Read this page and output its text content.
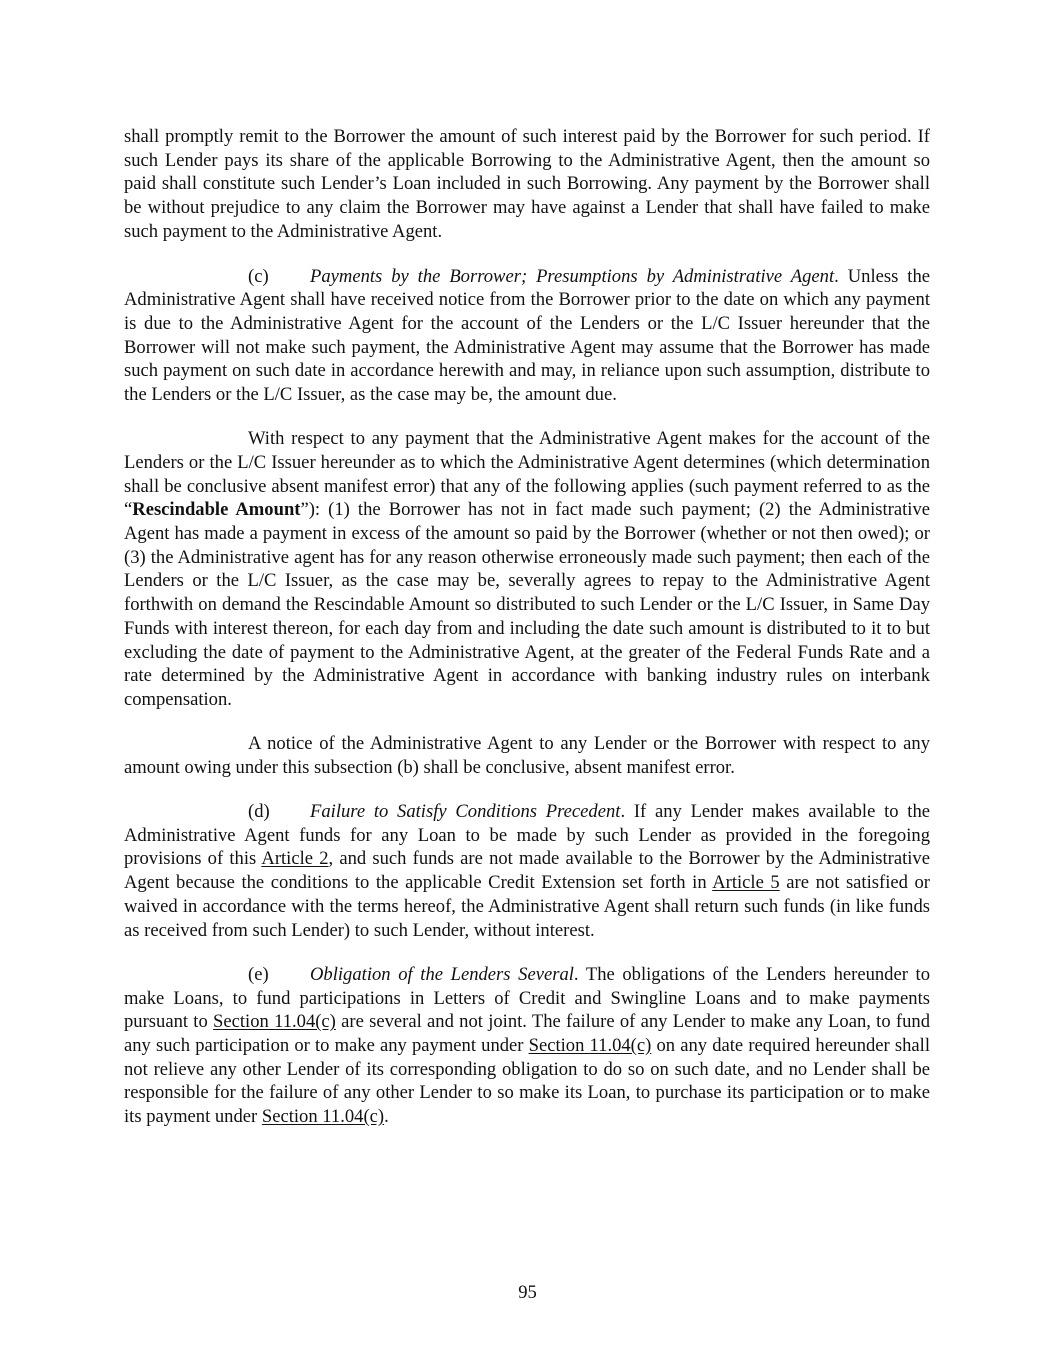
shall promptly remit to the Borrower the amount of such interest paid by the Borrower for such period. If such Lender pays its share of the applicable Borrowing to the Administrative Agent, then the amount so paid shall constitute such Lender’s Loan included in such Borrowing. Any payment by the Borrower shall be without prejudice to any claim the Borrower may have against a Lender that shall have failed to make such payment to the Administrative Agent.

(c) Payments by the Borrower; Presumptions by Administrative Agent. Unless the Administrative Agent shall have received notice from the Borrower prior to the date on which any payment is due to the Administrative Agent for the account of the Lenders or the L/C Issuer hereunder that the Borrower will not make such payment, the Administrative Agent may assume that the Borrower has made such payment on such date in accordance herewith and may, in reliance upon such assumption, distribute to the Lenders or the L/C Issuer, as the case may be, the amount due.

With respect to any payment that the Administrative Agent makes for the account of the Lenders or the L/C Issuer hereunder as to which the Administrative Agent determines (which determination shall be conclusive absent manifest error) that any of the following applies (such payment referred to as the “Rescindable Amount”): (1) the Borrower has not in fact made such payment; (2) the Administrative Agent has made a payment in excess of the amount so paid by the Borrower (whether or not then owed); or (3) the Administrative agent has for any reason otherwise erroneously made such payment; then each of the Lenders or the L/C Issuer, as the case may be, severally agrees to repay to the Administrative Agent forthwith on demand the Rescindable Amount so distributed to such Lender or the L/C Issuer, in Same Day Funds with interest thereon, for each day from and including the date such amount is distributed to it to but excluding the date of payment to the Administrative Agent, at the greater of the Federal Funds Rate and a rate determined by the Administrative Agent in accordance with banking industry rules on interbank compensation.

A notice of the Administrative Agent to any Lender or the Borrower with respect to any amount owing under this subsection (b) shall be conclusive, absent manifest error.

(d) Failure to Satisfy Conditions Precedent. If any Lender makes available to the Administrative Agent funds for any Loan to be made by such Lender as provided in the foregoing provisions of this Article 2, and such funds are not made available to the Borrower by the Administrative Agent because the conditions to the applicable Credit Extension set forth in Article 5 are not satisfied or waived in accordance with the terms hereof, the Administrative Agent shall return such funds (in like funds as received from such Lender) to such Lender, without interest.

(e) Obligation of the Lenders Several. The obligations of the Lenders hereunder to make Loans, to fund participations in Letters of Credit and Swingline Loans and to make payments pursuant to Section 11.04(c) are several and not joint. The failure of any Lender to make any Loan, to fund any such participation or to make any payment under Section 11.04(c) on any date required hereunder shall not relieve any other Lender of its corresponding obligation to do so on such date, and no Lender shall be responsible for the failure of any other Lender to so make its Loan, to purchase its participation or to make its payment under Section 11.04(c).

95
